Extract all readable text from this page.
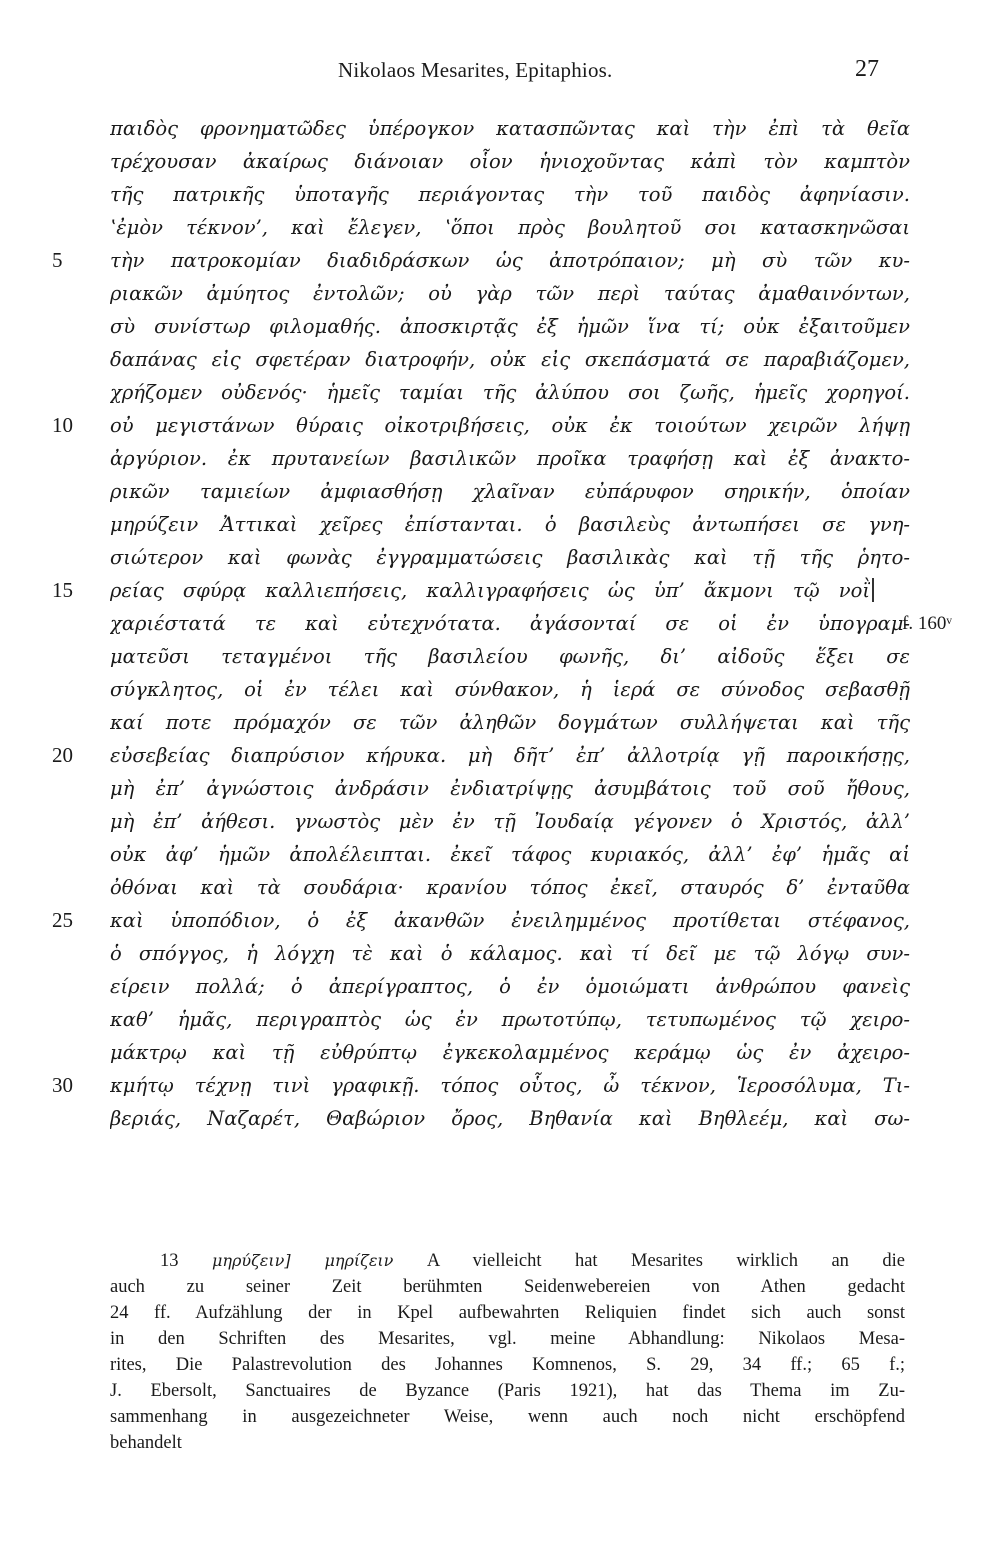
Nikolaos Mesarites, Epitaphios.	27
παιδὸς φρονηματῶδες ὑπέρογκον κατασπῶντας καὶ τὴν ἐπὶ τὰ θεῖα
τρέχουσαν ἀκαίρως διάνοιαν οἷον ἡνιοχοῦντας κἀπὶ τὸν καμπτὸν
τῆς πατρικῆς ὑποταγῆς περιάγοντας τὴν τοῦ παιδὸς ἀφηνίασιν.
ʽἐμὸν τέκνον’, καὶ ἔλεγεν, ʽὅποι πρὸς βουλητοῦ σοι κατασκηνῶσαι
5	τὴν πατροκομίαν διαδιδράσκων ὡς ἀποτρόπαιον; μὴ σὺ τῶν κυ-
ριακῶν ἀμύητος ἐντολῶν; οὐ γὰρ τῶν περὶ ταύτας ἀμαθαινόντων,
σὺ συνίστωρ φιλομαθής. ἀποσκιρτᾷς ἐξ ἡμῶν ἵνα τί; οὐκ ἐξαιτοῦμεν
δαπάνας εἰς σφετέραν διατροφήν, οὐκ εἰς σκεπάσματά σε παραβιάζομεν,
χρήζομεν οὐδενός· ἡμεῖς ταμίαι τῆς ἀλύπου σοι ζωῆς, ἡμεῖς χορηγοί.
10	οὐ μεγιστάνων θύραις οἰκοτριβήσεις, οὐκ ἐκ τοιούτων χειρῶν λήψῃ
ἀργύριον. ἐκ πρυτανείων βασιλικῶν προῖκα τραφήσῃ καὶ ἐξ ἀνακτο-
ρικῶν ταμιείων ἀμφιασθήσῃ χλαῖναν εὐπάρυφον σηρικήν, ὁποίαν
μηρύζειν Ἀττικαὶ χεῖρες ἐπίστανται. ὁ βασιλεὺς ἀντωπήσει σε γνη-
σιώτερον καὶ φωνὰς ἐγγραμματώσεις βασιλικὰς καὶ τῇ τῆς ῥητο-
15	ρείας σφύρᾳ καλλιεπήσεις, καλλιγραφήσεις ὡς ὑπ’ ἄκμονι τῷ νοῒ
χαριέστατά τε καὶ εὐτεχνότατα. ἀγάσονταί σε οἱ ἐν ὑπογραμ-
f. 160ᵛ
ματεῦσι τεταγμένοι τῆς βασιλείου φωνῆς, δι’ αἰδοῦς ἕξει σε
σύγκλητος, οἱ ἐν τέλει καὶ σύνθακον, ἡ ἱερά σε σύνοδος σεβασθῇ
καί ποτε πρόμαχόν σε τῶν ἀληθῶν δογμάτων συλλήψεται καὶ τῆς
20	εὐσεβείας διαπρύσιον κήρυκα. μὴ δῆτ’ ἐπ’ ἀλλοτρίᾳ γῇ παροικήσῃς,
μὴ ἐπ’ ἀγνώστοις ἀνδράσιν ἐνδιατρίψῃς ἀσυμβάτοις τοῦ σοῦ ἤθους,
μὴ ἐπ’ ἀήθεσι. γνωστὸς μὲν ἐν τῇ Ἰουδαίᾳ γέγονεν ὁ Χριστός, ἀλλ’
οὐκ ἀφ’ ἡμῶν ἀπολέλειπται. ἐκεῖ τάφος κυριακός, ἀλλ’ ἐφ’ ἡμᾶς αἱ
ὀθόναι καὶ τὰ σουδάρια· κρανίου τόπος ἐκεῖ, σταυρός δ’ ἐνταῦθα
25	καὶ ὑποπόδιον, ὁ ἐξ ἀκανθῶν ἐνειλημμένος προτίθεται στέφανος,
ὁ σπόγγος, ἡ λόγχη τὲ καὶ ὁ κάλαμος. καὶ τί δεῖ με τῷ λόγῳ συν-
είρειν πολλά; ὁ ἀπερίγραπτος, ὁ ἐν ὁμοιώματι ἀνθρώπου φανεὶς
καθ’ ἡμᾶς, περιγραπτὸς ὡς ἐν πρωτοτύπῳ, τετυπωμένος τῷ χειρο-
μάκτρῳ καὶ τῇ εὐθρύπτῳ ἐγκεκολαμμένος κεράμῳ ὡς ἐν ἀχειρο-
30	κμήτῳ τέχνῃ τινὶ γραφικῇ. τόπος οὗτος, ὦ τέκνον, Ἱεροσόλυμα, Τι-
βεριάς, Ναζαρέτ, Θαβώριον ὄρος, Βηθανία καὶ Βηθλεέμ, καὶ σω-
13 μηρύζειν] μηρίζειν A vielleicht hat Mesarites wirklich an die
auch zu seiner Zeit berühmten Seidenwebereien von Athen gedacht
24 ff. Aufzählung der in Kpel aufbewahrten Reliquien findet sich auch sonst
in den Schriften des Mesarites, vgl. meine Abhandlung: Nikolaos Mesa-
rites, Die Palastrevolution des Johannes Komnenos, S. 29, 34 ff.; 65 f.;
J. Ebersolt, Sanctuaires de Byzance (Paris 1921), hat das Thema im Zu-
sammenhang in ausgezeichneter Weise, wenn auch noch nicht erschöpfend
behandelt
